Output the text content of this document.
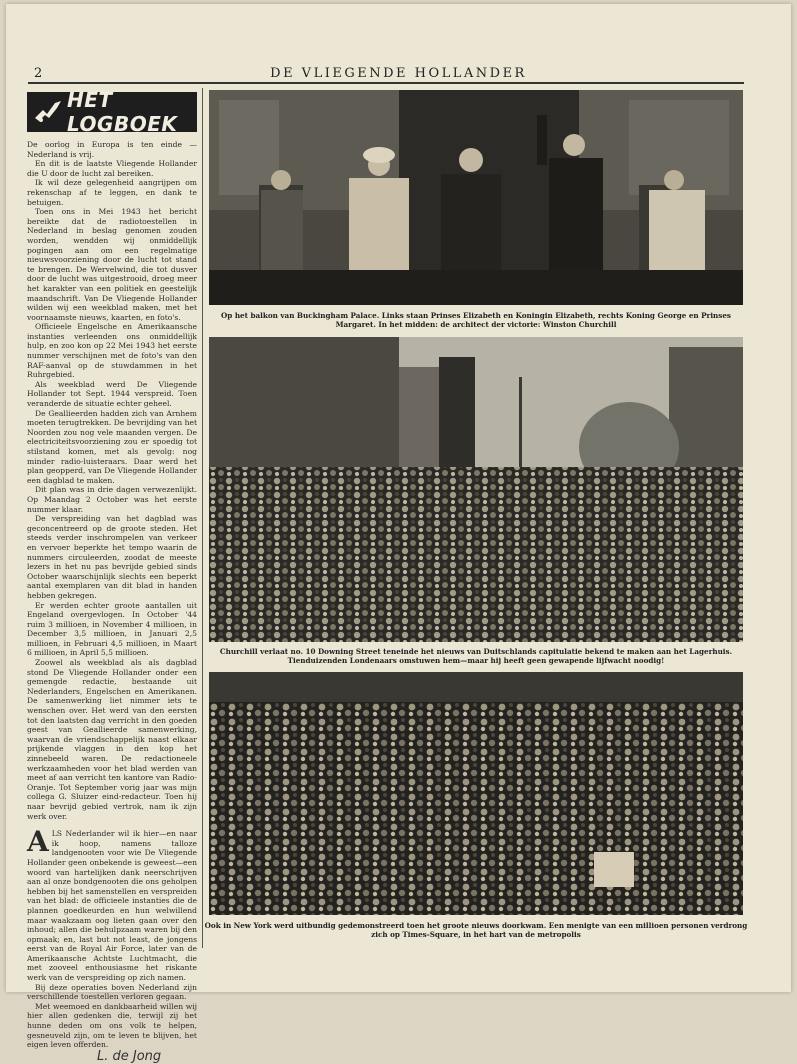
2	DE VLIEGENDE HOLLANDER
HET LOGBOEK

De oorlog in Europa is ten einde — Nederland is vrij.

En dit is de laatste Vliegende Hollander die U door de lucht zal bereiken.

Ik wil deze gelegenheid aangrijpen om rekenschap af te leggen, en dank te betuigen.

Toen ons in Mei 1943 het bericht bereikte dat de radiotoestellen in Nederland in beslag genomen zouden worden, wendden wij onmiddellijk pogingen aan om een regelmatige nieuwsvoorziening door de lucht tot stand te brengen. De Wervelwind, die tot dusver door de lucht was uitgestrooid, droeg meer het karakter van een politiek en geestelijk maandschrift. Van De Vliegende Hollander wilden wij een weekblad maken, met het voornaamste nieuws, kaarten, en foto's.

Officieele Engelsche en Amerikaansche instanties verleenden ons onmiddellijk hulp, en zoo kon op 22 Mei 1943 het eerste nummer verschijnen met de foto's van den RAF-aanval op de stuwdammen in het Ruhrgebied.

Als weekblad werd De Vliegende Hollander tot Sept. 1944 verspreid. Toen veranderde de situatie echter geheel.

De Geallieerden hadden zich van Arnhem moeten terugtrekken. De bevrijding van het Noorden zou nog vele maanden vergen. De electriciteitsvoorziening zou er spoedig tot stilstand komen, met als gevolg: nog minder radio-luisteraars. Daar werd het plan geopperd, van De Vliegende Hollander een dagblad te maken.

Dit plan was in drie dagen verwezenlijkt. Op Maandag 2 October was het eerste nummer klaar.

De verspreiding van het dagblad was geconcentreerd op de groote steden. Het steeds verder inschrompelen van verkeer en vervoer beperkte het tempo waarin de nummers circuleerden, zoodat de meeste lezers in het nu pas bevrijde gebied sinds October waarschijnlijk slechts een beperkt aantal exemplaren van dit blad in handen hebben gekregen.

Er werden echter groote aantallen uit Engeland overgevlogen. In October '44 ruim 3 millioen, in November 4 millioen, in December 3,5 millioen, in Januari 2,5 millioen, in Februari 4,5 millioen, in Maart 6 millioen, in April 5,5 millioen.

Zoowel als weekblad als als dagblad stond De Vliegende Hollander onder een gemengde redactie, bestaande uit Nederlanders, Engelschen en Amerikanen. De samenwerking liet nimmer iets te wenschen over. Het werd van den eersten tot den laatsten dag verricht in den goeden geest van Geallieerde samenwerking, waarvan de vriendschappelijk naast elkaar prijkende vlaggen in den kop het zinnebeeld waren. De redactioneele werkzaamheden voor het blad werden van meet af aan verricht ten kantore van Radio-Oranje. Tot September vorig jaar was mijn collega G. Sluizer eind-redacteur. Toen hij naar bevrijd gebied vertrok, nam ik zijn werk over.

ALS Nederlander wil ik hier—en naar ik hoop, namens talloze landgenooten voor wie De Vliegende Hollander geen onbekende is geweest—een woord van hartelijken dank neerschrijven aan al onze bondgenooten die ons geholpen hebben bij het samenstellen en verspreiden van het blad: de officieele instanties die de plannen goedkeurden en hun welwillend maar waakzaam oog lieten gaan over den inhoud; allen die behulpzaam waren bij den opmaak; en, last but not least, de jongens eerst van de Royal Air Force, later van de Amerikaansche Achtste Luchtmacht, die met zooveel enthousiasme het riskante werk van de verspreiding op zich namen.

Bij deze operaties boven Nederland zijn verschillende toestellen verloren gegaan.

Met weemoed en dankbaarheid willen wij hier allen gedenken die, terwijl zij het hunne deden om ons volk te helpen, gesneuveld zijn, om te leven te blijven, het eigen leven offerden.

L. de Jong
Op het balkon van Buckingham Palace. Links staan Prinses Elizabeth en Koningin Elizabeth, rechts Koning George en Prinses Margaret. In het midden: de architect der victorie: Winston Churchill
Churchill verlaat no. 10 Downing Street teneinde het nieuws van Duitschlands capitulatie bekend te maken aan het Lagerhuis. Tienduizenden Londenaars omstuwen hem—maar hij heeft geen gewapende lijfwacht noodig!
Ook in New York werd uitbundig gedemonstreerd toen het groote nieuws doorkwam. Een menigte van een millioen personen verdrong zich op Times-Square, in het hart van de metropolis
